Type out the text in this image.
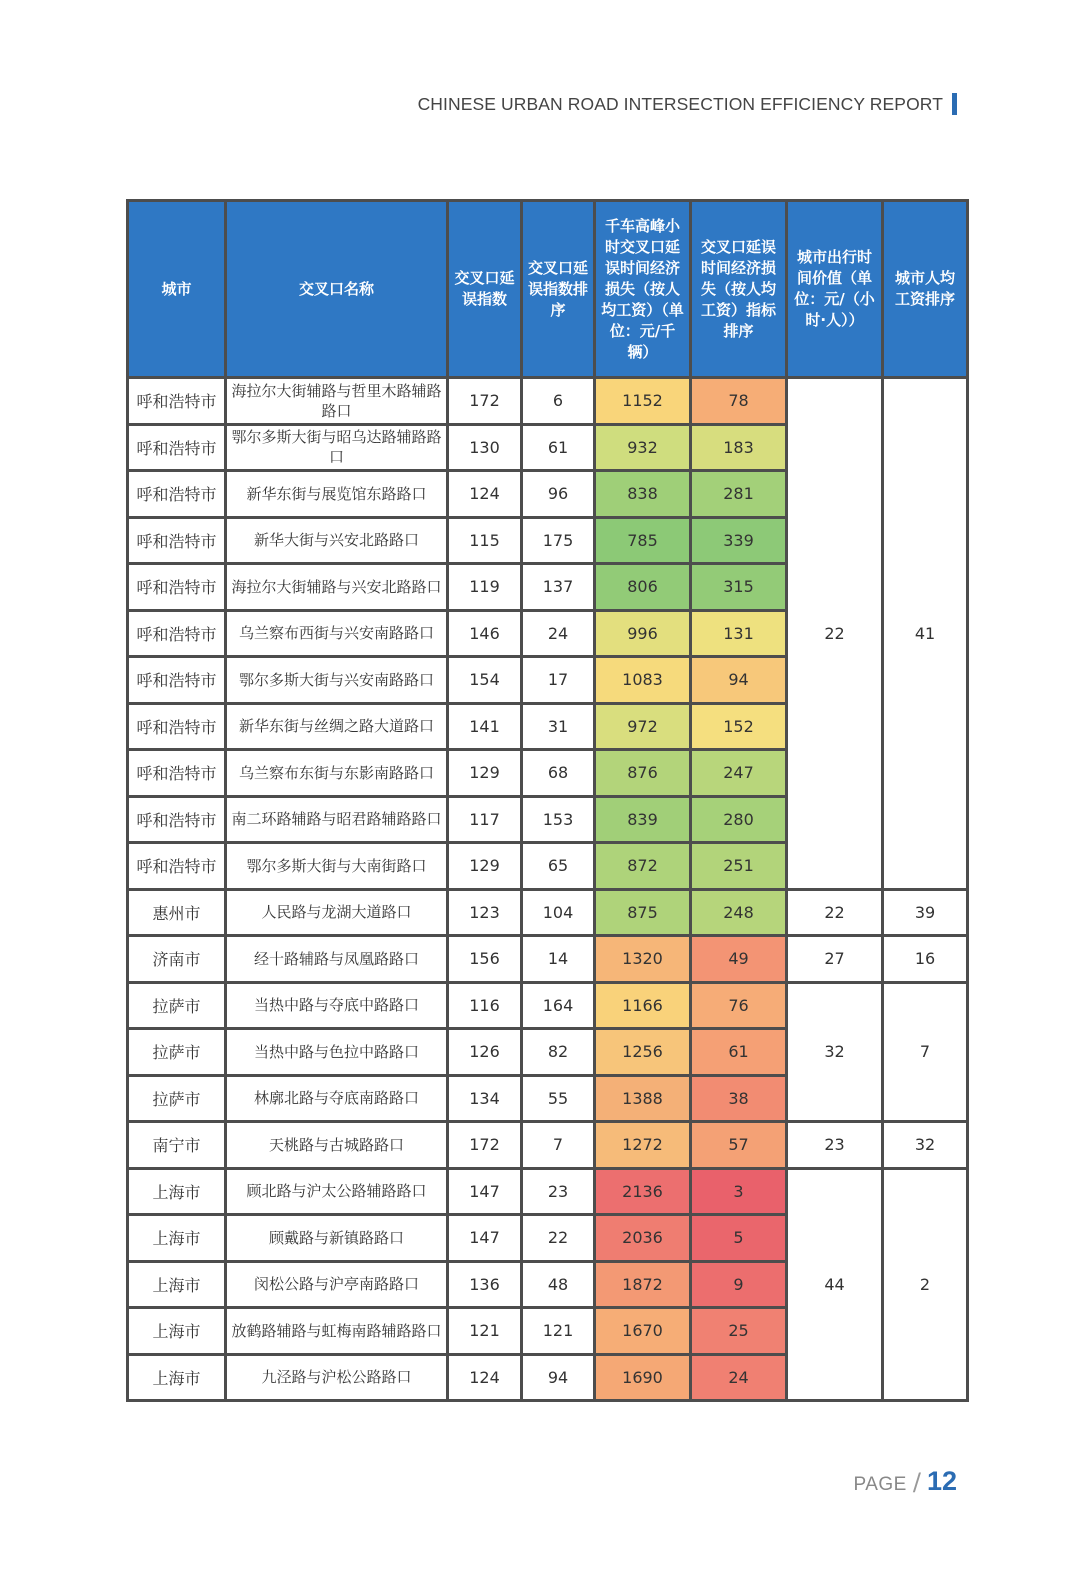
CHINESE URBAN ROAD INTERSECTION EFFICIENCY REPORT
城市	交叉口名称	交叉口延误指数	交叉口延误指数排序	千车高峰小时交叉口延误时间经济损失（按人均工资）（单位：元/千辆）	交叉口延误时间经济损失（按人均工资）指标排序	城市出行时间价值（单位：元/（小时·人））	城市人均工资排序
呼和浩特市	海拉尔大街辅路与哲里木路辅路路口	172	6	1152	78	22	41
呼和浩特市	鄂尔多斯大街与昭乌达路辅路路口	130	61	932	183		
呼和浩特市	新华东街与展览馆东路路口	124	96	838	281		
呼和浩特市	新华大街与兴安北路路口	115	175	785	339		
呼和浩特市	海拉尔大街辅路与兴安北路路口	119	137	806	315		
呼和浩特市	乌兰察布西街与兴安南路路口	146	24	996	131		
呼和浩特市	鄂尔多斯大街与兴安南路路口	154	17	1083	94		
呼和浩特市	新华东街与丝绸之路大道路口	141	31	972	152		
呼和浩特市	乌兰察布东街与东影南路路口	129	68	876	247		
呼和浩特市	南二环路辅路与昭君路辅路路口	117	153	839	280		
呼和浩特市	鄂尔多斯大街与大南街路口	129	65	872	251		
惠州市	人民路与龙湖大道路口	123	104	875	248	22	39
济南市	经十路辅路与凤凰路路口	156	14	1320	49	27	16
拉萨市	当热中路与夺底中路路口	116	164	1166	76	32	7
拉萨市	当热中路与色拉中路路口	126	82	1256	61		
拉萨市	林廓北路与夺底南路路口	134	55	1388	38		
南宁市	天桃路与古城路路口	172	7	1272	57	23	32
上海市	顾北路与沪太公路辅路路口	147	23	2136	3	44	2
上海市	顾戴路与新镇路路口	147	22	2036	5		
上海市	闵松公路与沪亭南路路口	136	48	1872	9		
上海市	放鹤路辅路与虹梅南路辅路路口	121	121	1670	25		
上海市	九泾路与沪松公路路口	124	94	1690	24		
PAGE / 12
